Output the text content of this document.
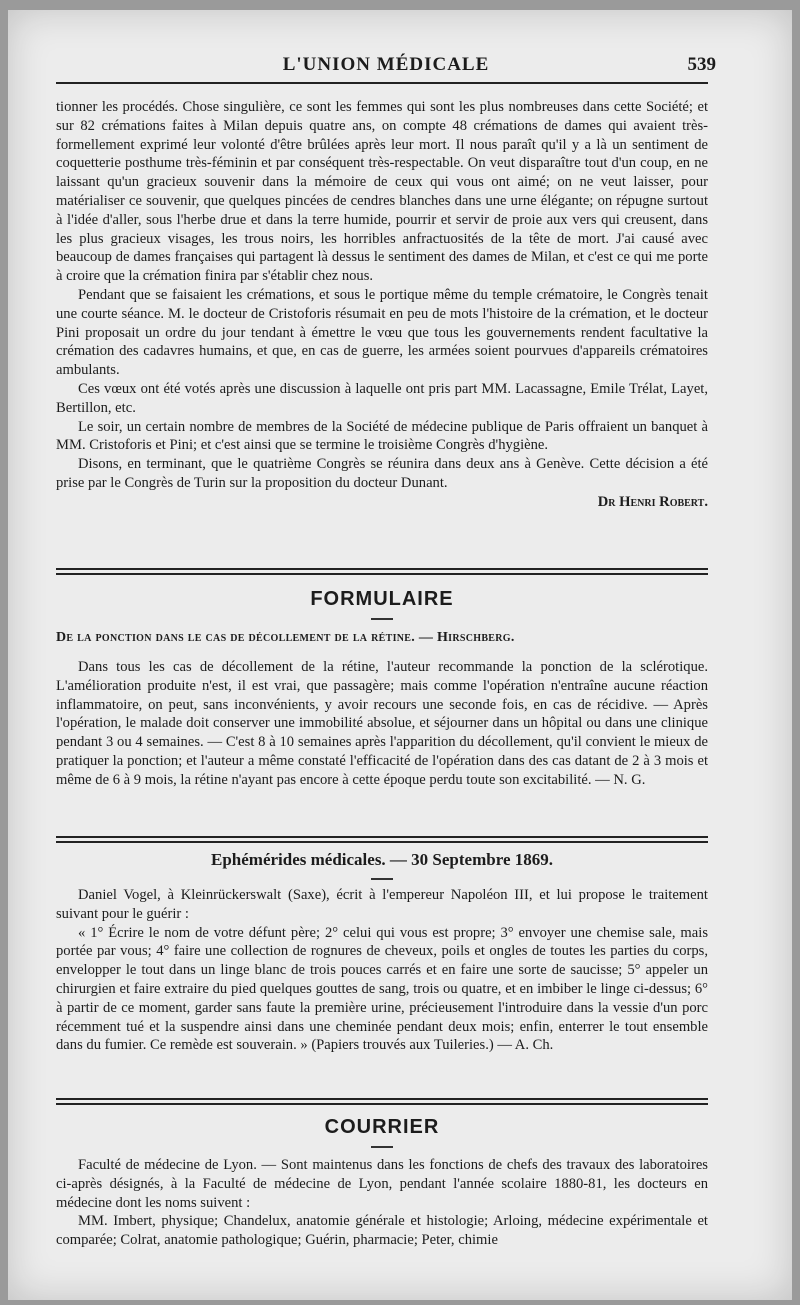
L'UNION MÉDICALE	539

tionner les procédés. Chose singulière, ce sont les femmes qui sont les plus nombreuses dans cette Société; et sur 82 crémations faites à Milan depuis quatre ans, on compte 48 crémations de dames qui avaient très-formellement exprimé leur volonté d'être brûlées après leur mort. Il nous paraît qu'il y a là un sentiment de coquetterie posthume très-féminin et par conséquent très-respectable. On veut disparaître tout d'un coup, en ne laissant qu'un gracieux souvenir dans la mémoire de ceux qui vous ont aimé; on ne veut laisser, pour matérialiser ce souvenir, que quelques pincées de cendres blanches dans une urne élégante; on répugne surtout à l'idée d'aller, sous l'herbe drue et dans la terre humide, pourrir et servir de proie aux vers qui creusent, dans les plus gracieux visages, les trous noirs, les horribles anfractuosités de la tête de mort. J'ai causé avec beaucoup de dames françaises qui partagent là dessus le sentiment des dames de Milan, et c'est ce qui me porte à croire que la crémation finira par s'établir chez nous.

Pendant que se faisaient les crémations, et sous le portique même du temple crématoire, le Congrès tenait une courte séance. M. le docteur de Cristoforis résumait en peu de mots l'histoire de la crémation, et le docteur Pini proposait un ordre du jour tendant à émettre le vœu que tous les gouvernements rendent facultative la crémation des cadavres humains, et que, en cas de guerre, les armées soient pourvues d'appareils crématoires ambulants.

Ces vœux ont été votés après une discussion à laquelle ont pris part MM. Lacassagne, Emile Trélat, Layet, Bertillon, etc.

Le soir, un certain nombre de membres de la Société de médecine publique de Paris offraient un banquet à MM. Cristoforis et Pini; et c'est ainsi que se termine le troisième Congrès d'hygiène.

Disons, en terminant, que le quatrième Congrès se réunira dans deux ans à Genève. Cette décision a été prise par le Congrès de Turin sur la proposition du docteur Dunant.

Dr Henri Robert.
FORMULAIRE
De la ponction dans le cas de décollement de la rétine. — Hirschberg.

Dans tous les cas de décollement de la rétine, l'auteur recommande la ponction de la sclérotique. L'amélioration produite n'est, il est vrai, que passagère; mais comme l'opération n'entraîne aucune réaction inflammatoire, on peut, sans inconvénients, y avoir recours une seconde fois, en cas de récidive. — Après l'opération, le malade doit conserver une immobilité absolue, et séjourner dans un hôpital ou dans une clinique pendant 3 ou 4 semaines. — C'est 8 à 10 semaines après l'apparition du décollement, qu'il convient le mieux de pratiquer la ponction; et l'auteur a même constaté l'efficacité de l'opération dans des cas datant de 2 à 3 mois et même de 6 à 9 mois, la rétine n'ayant pas encore à cette époque perdu toute son excitabilité. — N. G.

Ephémérides médicales. — 30 Septembre 1869.

Daniel Vogel, à Kleinrückerswalt (Saxe), écrit à l'empereur Napoléon III, et lui propose le traitement suivant pour le guérir :

« 1° Écrire le nom de votre défunt père; 2° celui qui vous est propre; 3° envoyer une chemise sale, mais portée par vous; 4° faire une collection de rognures de cheveux, poils et ongles de toutes les parties du corps, envelopper le tout dans un linge blanc de trois pouces carrés et en faire une sorte de saucisse; 5° appeler un chirurgien et faire extraire du pied quelques gouttes de sang, trois ou quatre, et en imbiber le linge ci-dessus; 6° à partir de ce moment, garder sans faute la première urine, précieusement l'introduire dans la vessie d'un porc récemment tué et la suspendre ainsi dans une cheminée pendant deux mois; enfin, enterrer le tout ensemble dans du fumier. Ce remède est souverain. » (Papiers trouvés aux Tuileries.) — A. Ch.

COURRIER

Faculté de médecine de Lyon. — Sont maintenus dans les fonctions de chefs des travaux des laboratoires ci-après désignés, à la Faculté de médecine de Lyon, pendant l'année scolaire 1880-81, les docteurs en médecine dont les noms suivent :

MM. Imbert, physique; Chandelux, anatomie générale et histologie; Arloing, médecine expérimentale et comparée; Colrat, anatomie pathologique; Guérin, pharmacie; Peter, chimie
